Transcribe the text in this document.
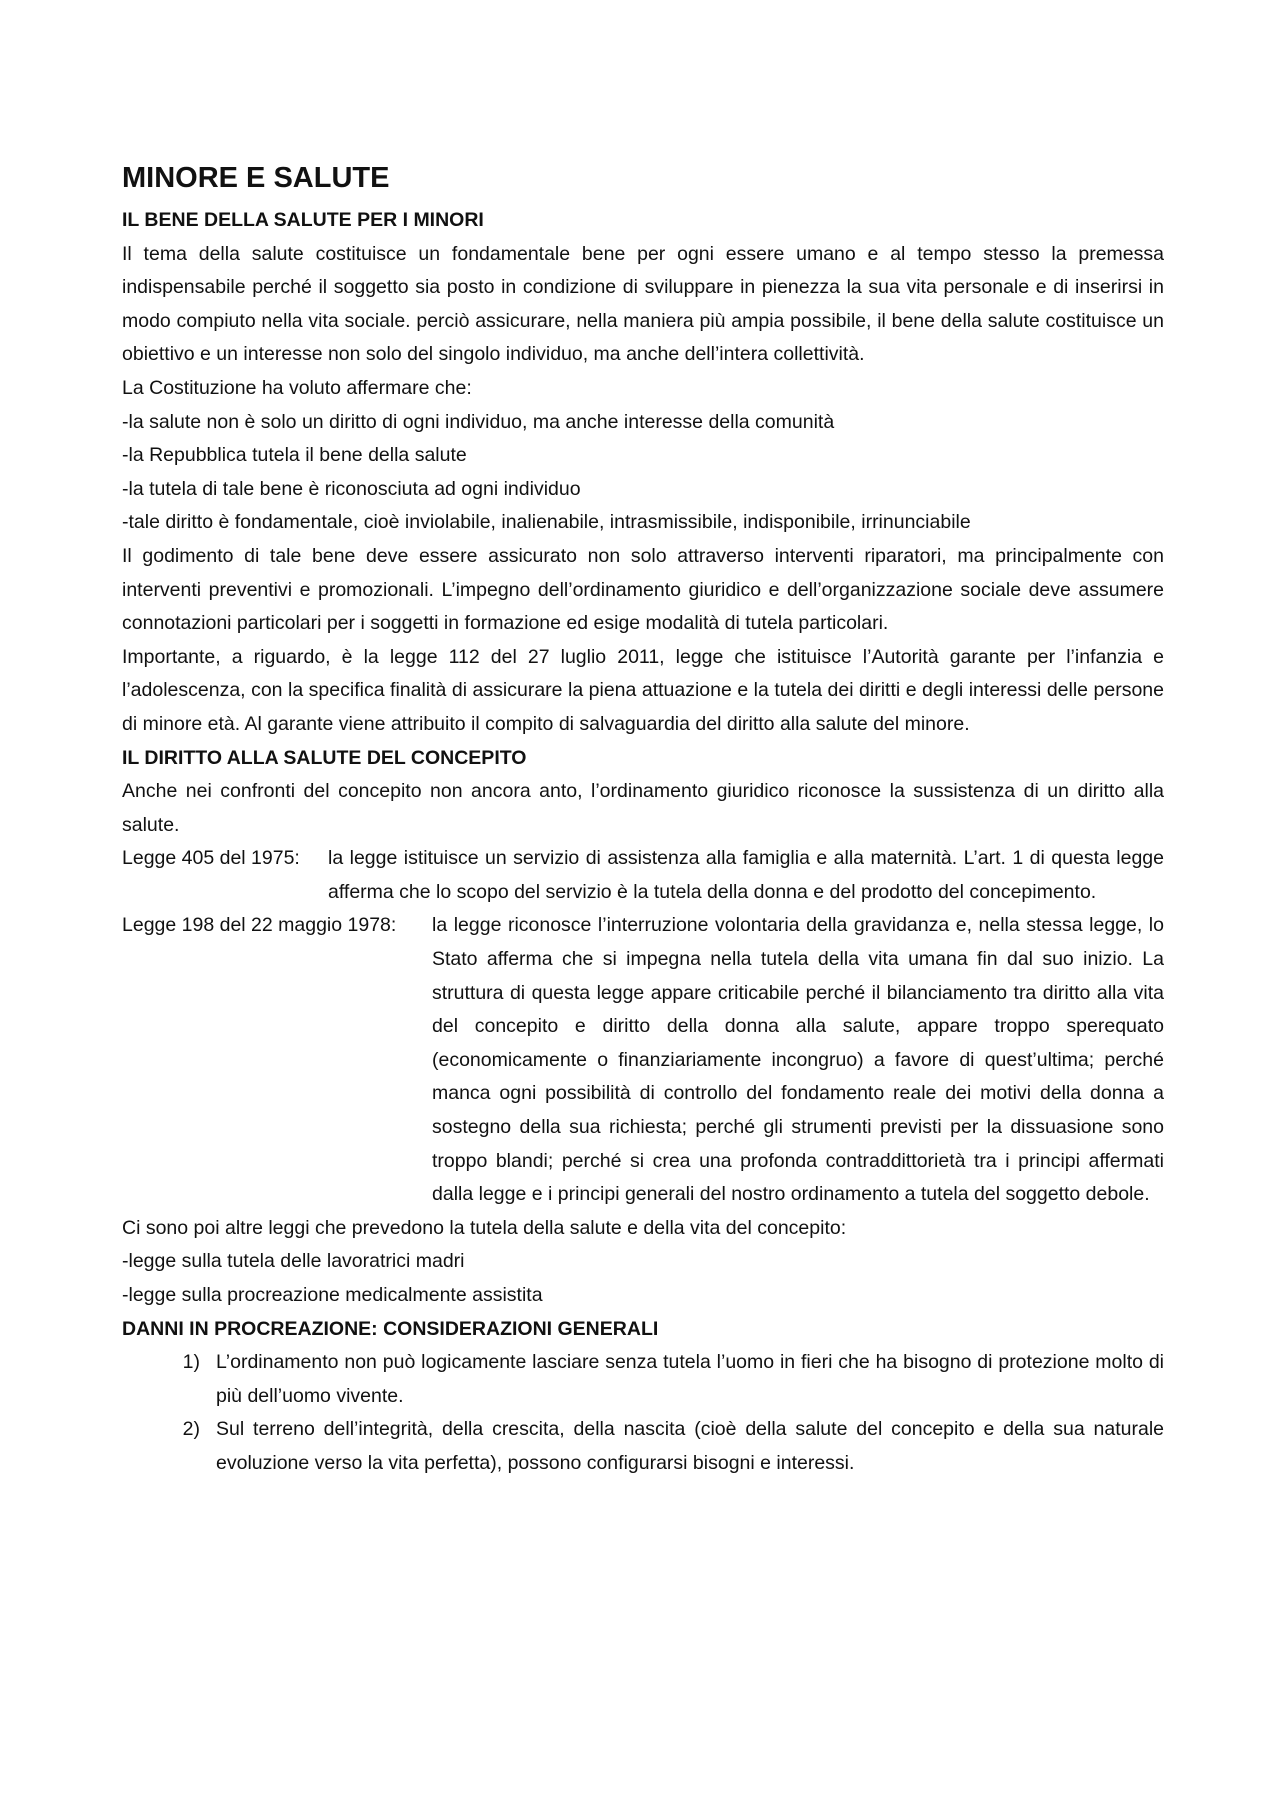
MINORE E SALUTE
IL BENE DELLA SALUTE PER I MINORI

Il tema della salute costituisce un fondamentale bene per ogni essere umano e al tempo stesso la premessa indispensabile perché il soggetto sia posto in condizione di sviluppare in pienezza la sua vita personale e di inserirsi in modo compiuto nella vita sociale. perciò assicurare, nella maniera più ampia possibile, il bene della salute costituisce un obiettivo e un interesse non solo del singolo individuo, ma anche dell’intera collettività.

La Costituzione ha voluto affermare che:
-la salute non è solo un diritto di ogni individuo, ma anche interesse della comunità
-la Repubblica tutela il bene della salute
-la tutela di tale bene è riconosciuta ad ogni individuo
-tale diritto è fondamentale, cioè inviolabile, inalienabile, intrasmissibile, indisponibile, irrinunciabile

Il godimento di tale bene deve essere assicurato non solo attraverso interventi riparatori, ma principalmente con interventi preventivi e promozionali. L’impegno dell’ordinamento giuridico e dell’organizzazione sociale deve assumere connotazioni particolari per i soggetti in formazione ed esige modalità di tutela particolari.

Importante, a riguardo, è la legge 112 del 27 luglio 2011, legge che istituisce l’Autorità garante per l’infanzia e l’adolescenza, con la specifica finalità di assicurare la piena attuazione e la tutela dei diritti e degli interessi delle persone di minore età. Al garante viene attribuito il compito di salvaguardia del diritto alla salute del minore.

IL DIRITTO ALLA SALUTE DEL CONCEPITO

Anche nei confronti del concepito non ancora anto, l’ordinamento giuridico riconosce la sussistenza di un diritto alla salute.

Legge 405 del 1975:	la legge istituisce un servizio di assistenza alla famiglia e alla maternità. L’art. 1 di questa legge afferma che lo scopo del servizio è la tutela della donna e del prodotto del concepimento.
Legge 198 del 22 maggio 1978:	la legge riconosce l’interruzione volontaria della gravidanza e, nella stessa legge, lo Stato afferma che si impegna nella tutela della vita umana fin dal suo inizio. La struttura di questa legge appare criticabile perché il bilanciamento tra diritto alla vita del concepito e diritto della donna alla salute, appare troppo sperequato (economicamente o finanziariamente incongruo) a favore di quest’ultima; perché manca ogni possibilità di controllo del fondamento reale dei motivi della donna a sostegno della sua richiesta; perché gli strumenti previsti per la dissuasione sono troppo blandi; perché si crea una profonda contraddittorietà tra i principi affermati dalla legge e i principi generali del nostro ordinamento a tutela del soggetto debole.
Ci sono poi altre leggi che prevedono la tutela della salute e della vita del concepito:
-legge sulla tutela delle lavoratrici madri
-legge sulla procreazione medicalmente assistita
DANNI IN PROCREAZIONE: CONSIDERAZIONI GENERALI
1) L’ordinamento non può logicamente lasciare senza tutela l’uomo in fieri che ha bisogno di protezione molto di più dell’uomo vivente.
2) Sul terreno dell’integrità, della crescita, della nascita (cioè della salute del concepito e della sua naturale evoluzione verso la vita perfetta), possono configurarsi bisogni e interessi.
